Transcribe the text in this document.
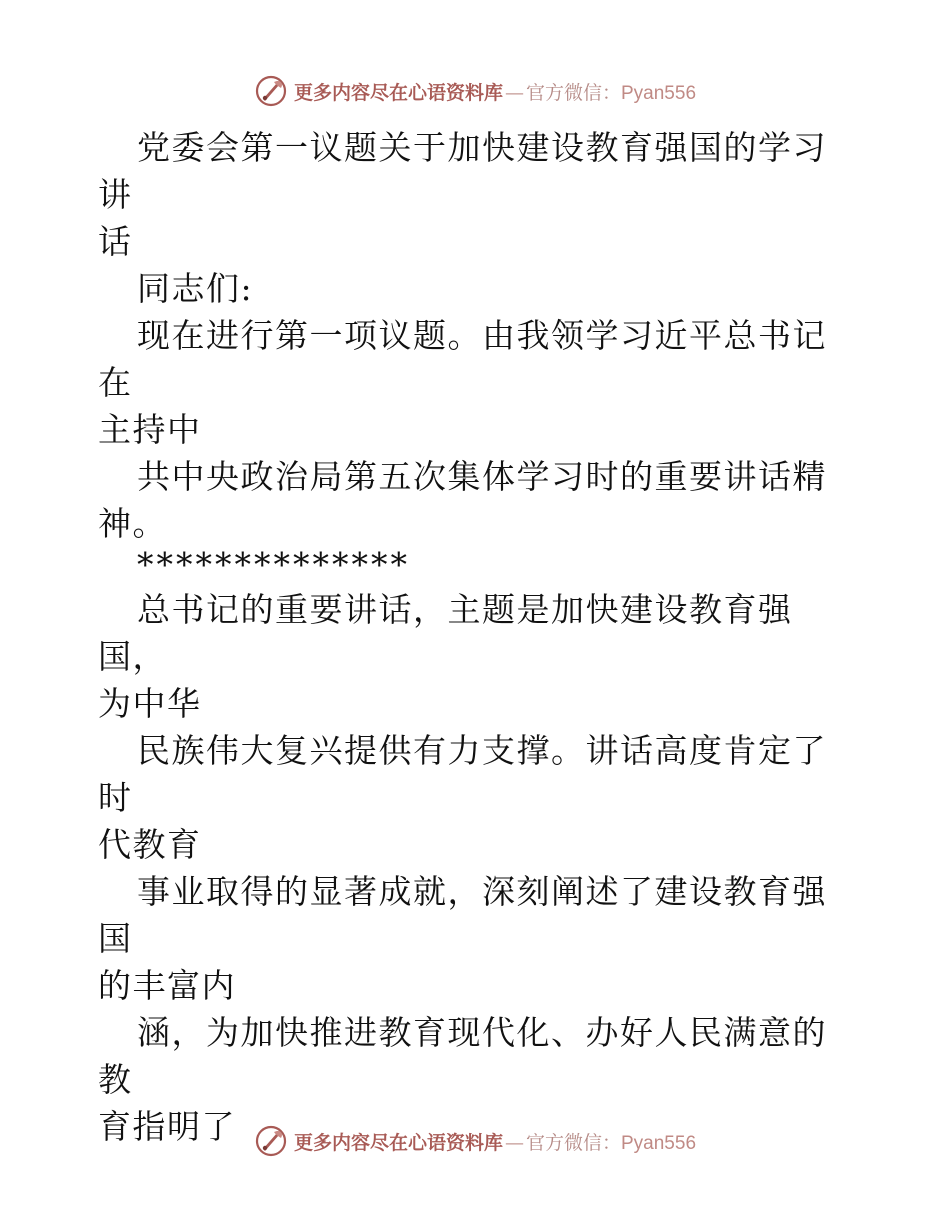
更多内容尽在心语资料库 — 官方微信：Pyan556
党委会第一议题关于加快建设教育强国的学习讲
话
同志们:
现在进行第一项议题。由我领学习近平总书记在
主持中
共中央政治局第五次集体学习时的重要讲话精
神。
**************
总书记的重要讲话，主题是加快建设教育强国，
为中华
民族伟大复兴提供有力支撑。讲话高度肯定了时
代教育
事业取得的显著成就，深刻阐述了建设教育强国
的丰富内
涵，为加快推进教育现代化、办好人民满意的教
育指明了	更多内容尽在心语资料库 — 官方微信：Pyan556
